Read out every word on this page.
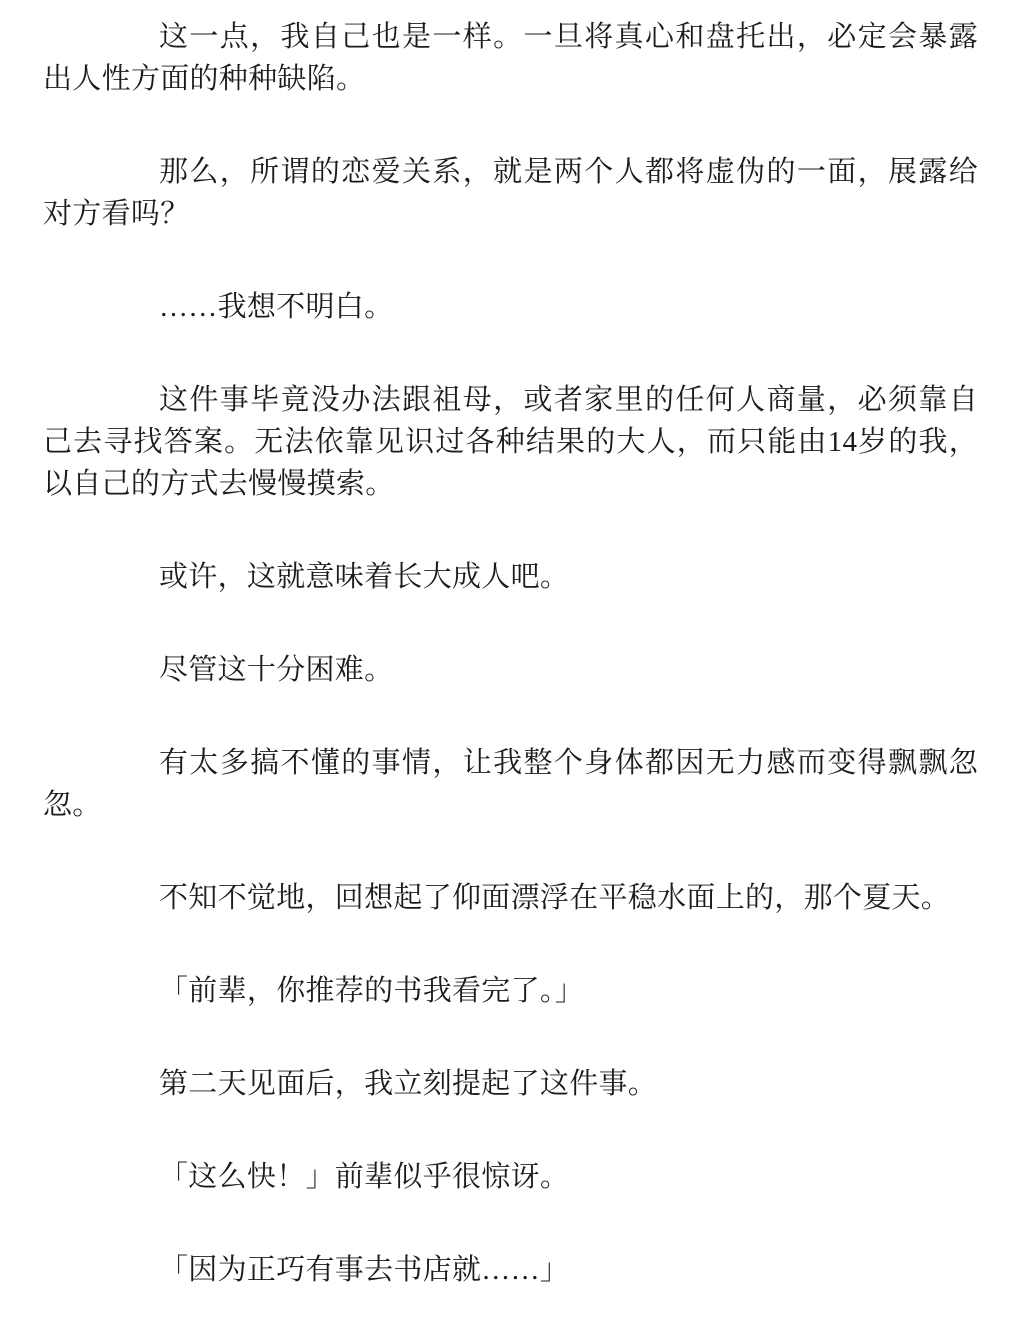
这一点，我自己也是一样。一旦将真心和盘托出，必定会暴露出人性方面的种种缺陷。

那么，所谓的恋爱关系，就是两个人都将虚伪的一面，展露给对方看吗？

……我想不明白。

这件事毕竟没办法跟祖母，或者家里的任何人商量，必须靠自己去寻找答案。无法依靠见识过各种结果的大人，而只能由14岁的我，以自己的方式去慢慢摸索。

或许，这就意味着长大成人吧。

尽管这十分困难。

有太多搞不懂的事情，让我整个身体都因无力感而变得飘飘忽忽。

不知不觉地，回想起了仰面漂浮在平稳水面上的，那个夏天。

「前辈，你推荐的书我看完了。」

第二天见面后，我立刻提起了这件事。

「这么快！」前辈似乎很惊讶。

「因为正巧有事去书店就……」
